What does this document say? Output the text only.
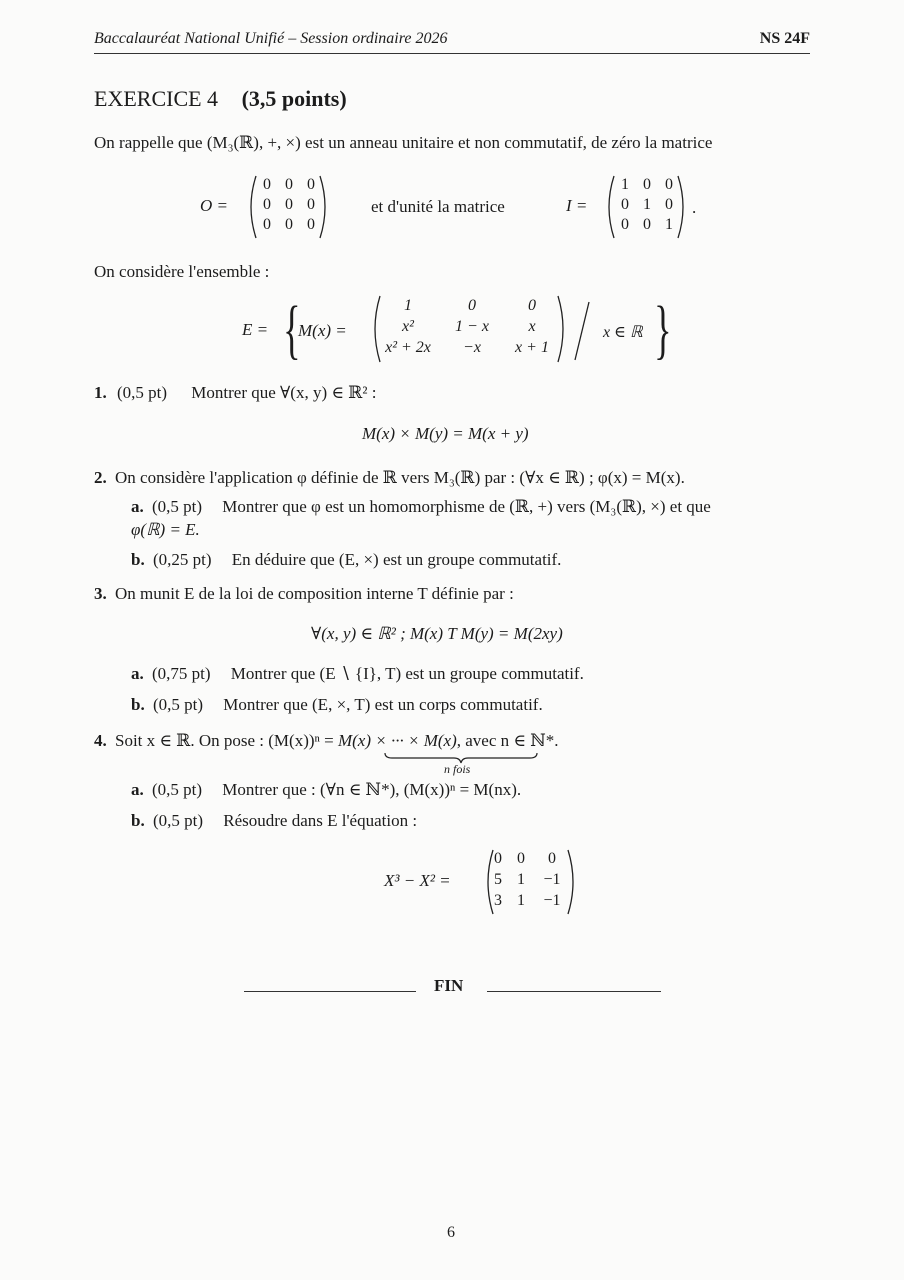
Baccalauréat National Unifié – Session ordinaire 2026	NS 24F
EXERCICE 4 (3,5 points)
On rappelle que (M₃(ℝ), +, ×) est un anneau unitaire et non commutatif, de zéro la matrice
O =
0 0 0
0 0 0
0 0 0
et d'unité la matrice	I =
1 0 0
0 1 0
0 0 1
.
On considère l'ensemble :
E = {
M(x) =
1	0	0
x²	1 − x	x
x² + 2x	−x	x + 1
x ∈ ℝ }
1. (0,5 pt) Montrer que ∀(x, y) ∈ ℝ² :
M(x) × M(y) = M(x + y)
2. On considère l'application φ définie de ℝ vers M₃(ℝ) par : (∀x ∈ ℝ) ; φ(x) = M(x).
a. (0,5 pt) Montrer que φ est un homomorphisme de (ℝ, +) vers (M₃(ℝ), ×) et que
φ(ℝ) = E.
b. (0,25 pt) En déduire que (E, ×) est un groupe commutatif.
3. On munit E de la loi de composition interne T définie par :
∀(x, y) ∈ ℝ² ; M(x) T M(y) = M(2xy)
a. (0,75 pt) Montrer que (E ∖ {I}, T) est un groupe commutatif.
b. (0,5 pt) Montrer que (E, ×, T) est un corps commutatif.
4. Soit x ∈ ℝ. On pose : (M(x))ⁿ = M(x) × ··· × M(x), avec n ∈ ℕ*.
n fois
a. (0,5 pt) Montrer que : (∀n ∈ ℕ*), (M(x))ⁿ = M(nx).
b. (0,5 pt) Résoudre dans E l'équation :
X³ − X² =
0 0	0
5 1	−1
3 1	−1
FIN
6
